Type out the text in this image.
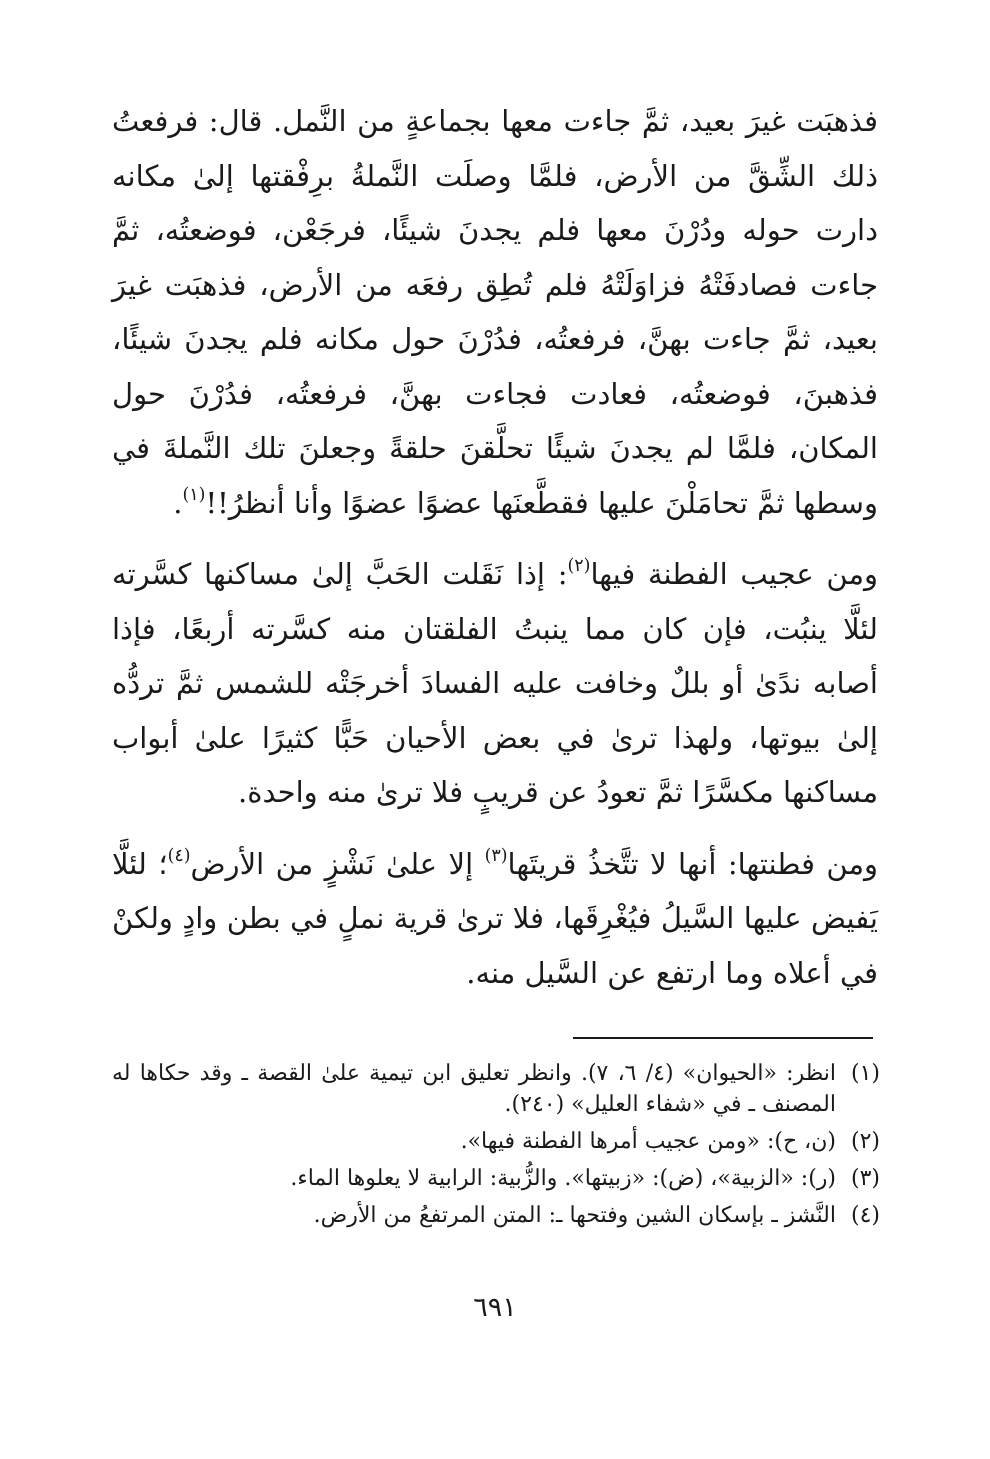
فذهبَت غيرَ بعيد، ثمَّ جاءت معها بجماعةٍ من النَّمل. قال: فرفعتُ ذلك الشِّقَّ من الأرض، فلمَّا وصلَت النَّملةُ برِفْقتها إلىٰ مكانه دارت حوله ودُرْنَ معها فلم يجدنَ شيئًا، فرجَعْن، فوضعتُه، ثمَّ جاءت فصادفَتْهُ فزاوَلَتْهُ فلم تُطِق رفعَه من الأرض، فذهبَت غيرَ بعيد، ثمَّ جاءت بهنَّ، فرفعتُه، فدُرْنَ حول مكانه فلم يجدنَ شيئًا، فذهبنَ، فوضعتُه، فعادت فجاءت بهنَّ، فرفعتُه، فدُرْنَ حول المكان، فلمَّا لم يجدنَ شيئًا تحلَّقنَ حلقةً وجعلنَ تلك النَّملةَ في وسطها ثمَّ تحامَلْنَ عليها فقطَّعنَها عضوًا عضوًا وأنا أنظرُ!!$^{(١)}$.

ومن عجيب الفطنة فيها$^{(٢)}$: إذا نَقَلت الحَبَّ إلىٰ مساكنها كسَّرته لئلَّا ينبُت، فإن كان مما ينبتُ الفلقتان منه كسَّرته أربعًا، فإذا أصابه ندًىٰ أو بللٌ وخافت عليه الفسادَ أخرجَتْه للشمس ثمَّ تردُّه إلىٰ بيوتها، ولهذا ترىٰ في بعض الأحيان حَبًّا كثيرًا علىٰ أبواب مساكنها مكسَّرًا ثمَّ تعودُ عن قريبٍ فلا ترىٰ منه واحدة.

ومن فطنتها: أنها لا تتَّخذُ قريتَها$^{(٣)}$ إلا علىٰ نَشْزٍ من الأرض$^{(٤)}$؛ لئلَّا يَفيض عليها السَّيلُ فيُغْرِقَها، فلا ترىٰ قرية نملٍ في بطن وادٍ ولكنْ في أعلاه وما ارتفع عن السَّيل منه.

(١)
انظر: «الحيوان» (٤/ ٦، ٧). وانظر تعليق ابن تيمية علىٰ القصة ـ وقد حكاها له المصنف ـ في «شفاء العليل» (٢٤٠).
(٢)
(ن، ح): «ومن عجيب أمرها الفطنة فيها».
(٣)
(ر): «الزبية»، (ض): «زبيتها». والزُّبية: الرابية لا يعلوها الماء.
(٤)
النَّشز ـ بإسكان الشين وفتحها ـ: المتن المرتفعُ من الأرض.
٦٩١
